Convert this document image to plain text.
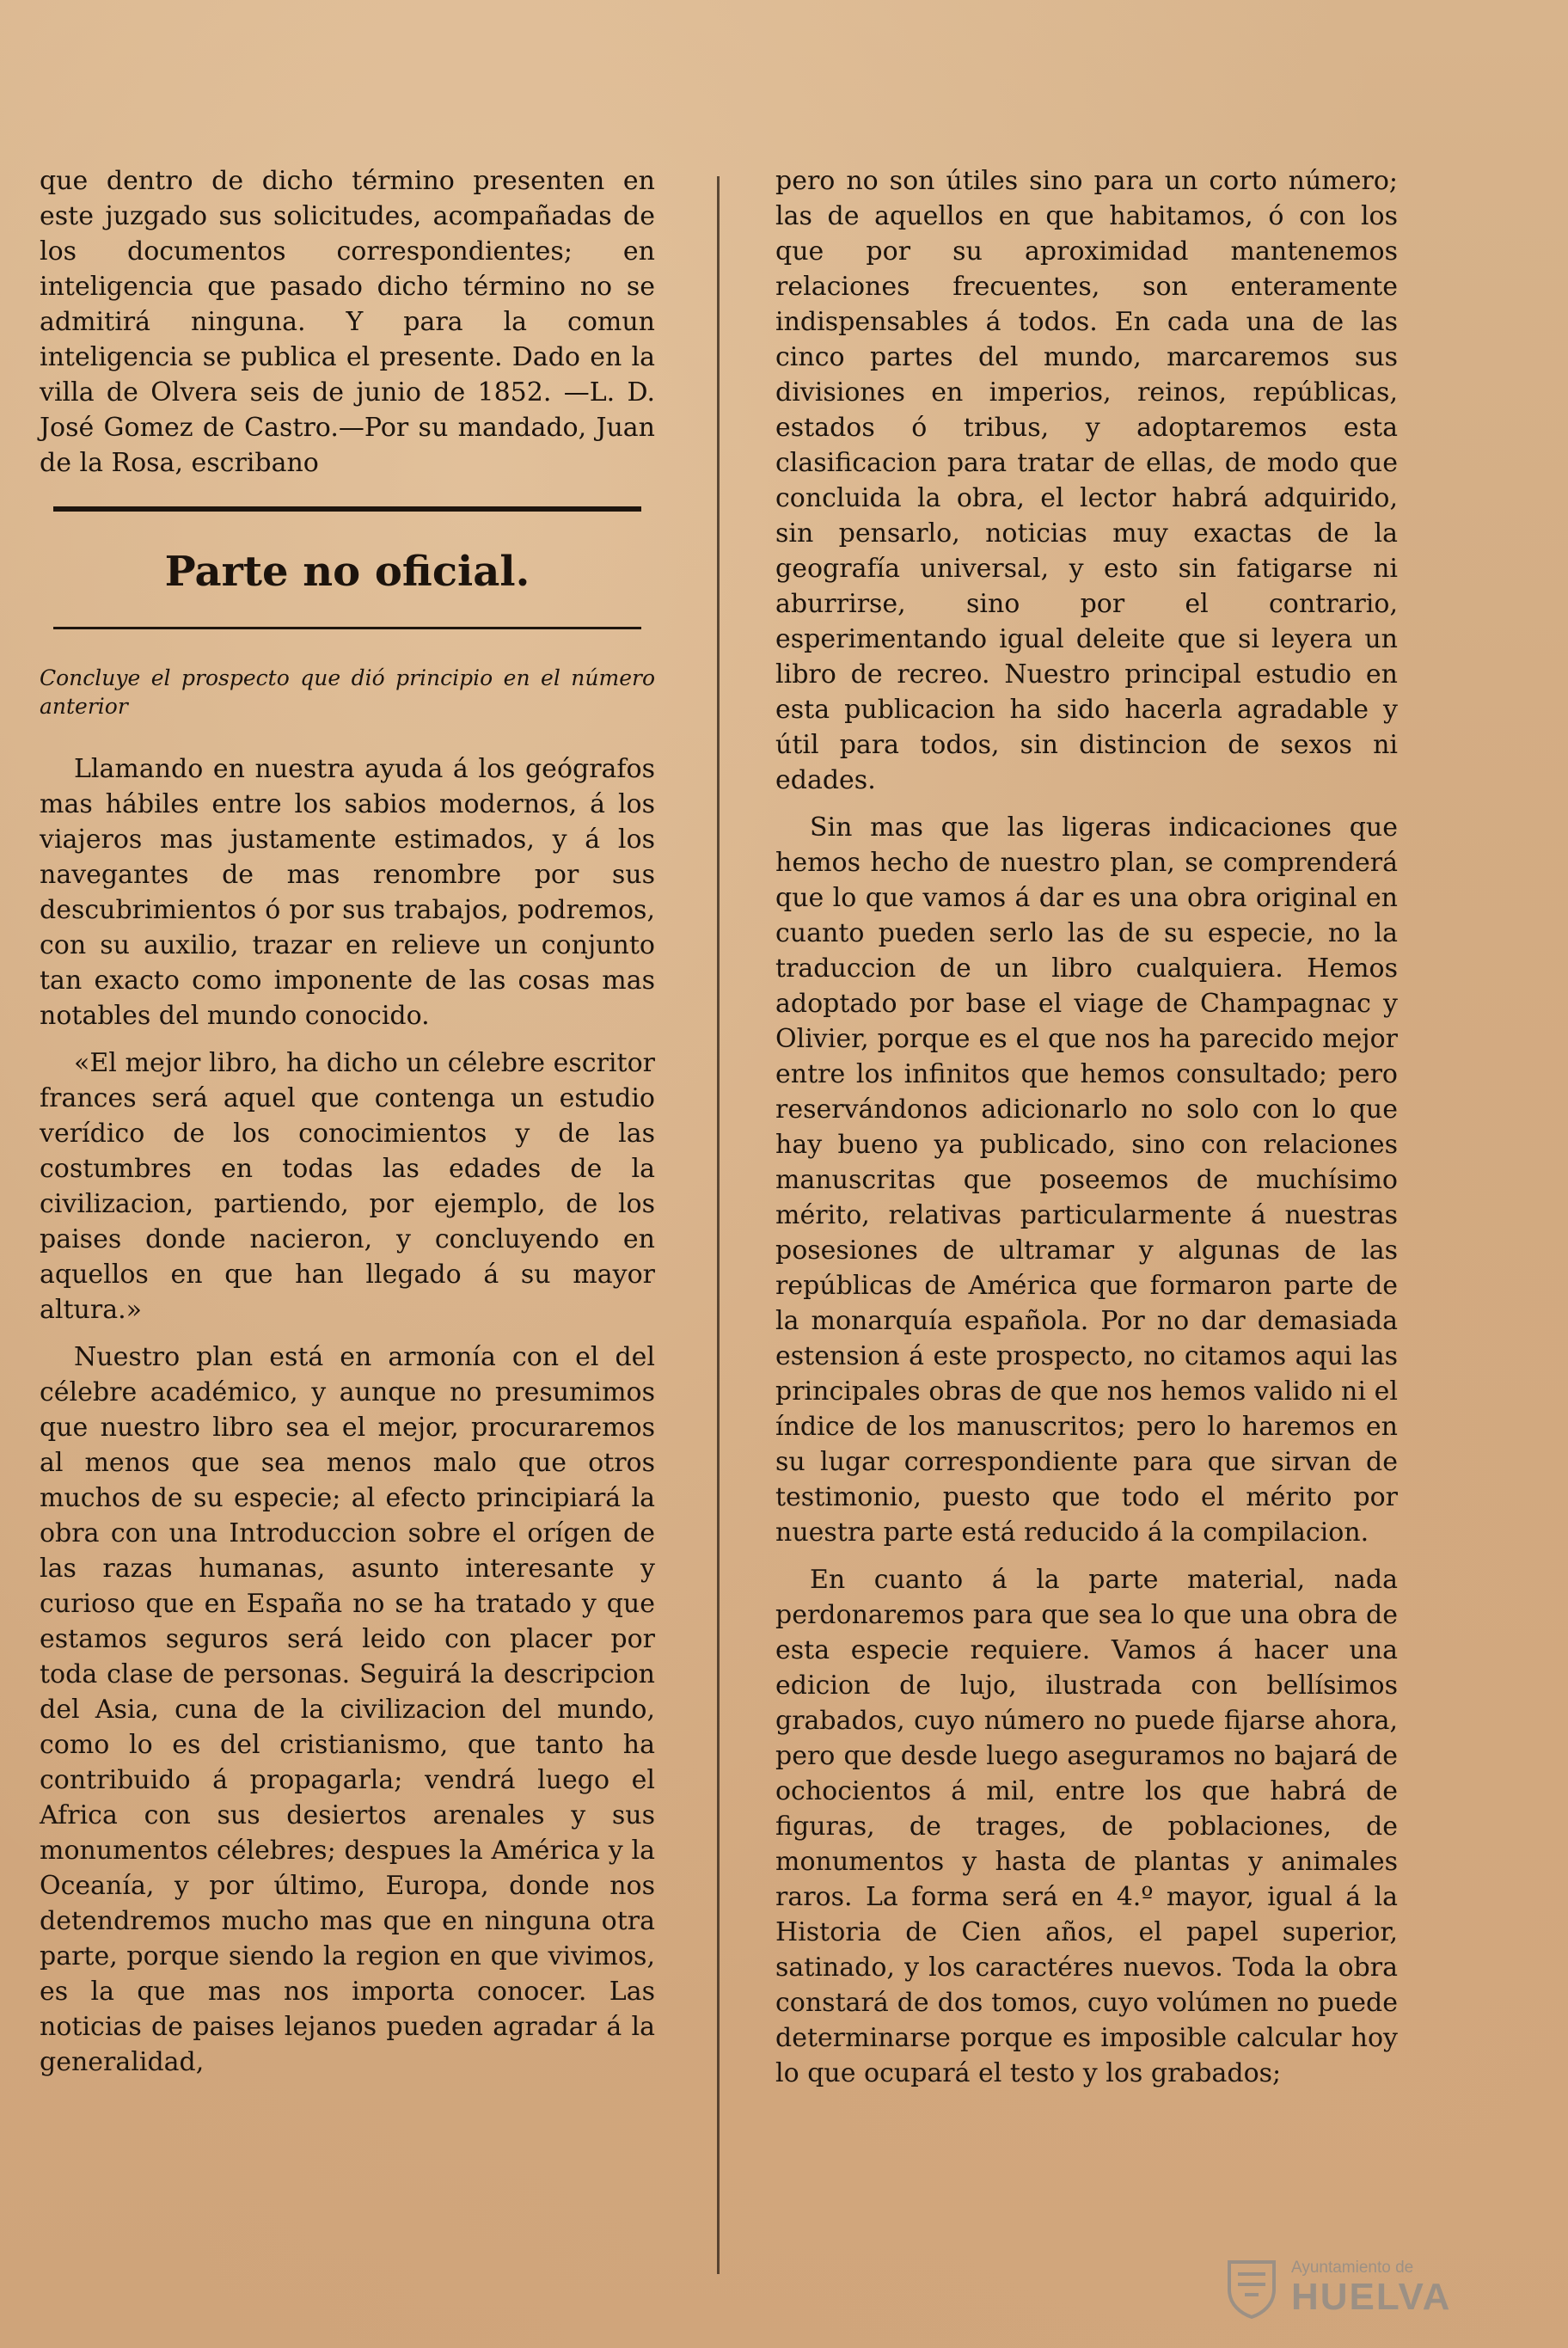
que dentro de dicho término presenten en este juzgado sus solicitudes, acompañadas de los documentos correspondientes; en inteligencia que pasado dicho término no se admitirá ninguna. Y para la comun inteligencia se publica el presente. Dado en la villa de Olvera seis de junio de 1852. —L. D. José Gomez de Castro.—Por su mandado, Juan de la Rosa, escribano

Parte no oficial.

Concluye el prospecto que dió principio en el número anterior

Llamando en nuestra ayuda á los geógrafos mas hábiles entre los sabios modernos, á los viajeros mas justamente estimados, y á los navegantes de mas renombre por sus descubrimientos ó por sus trabajos, podremos, con su auxilio, trazar en relieve un conjunto tan exacto como imponente de las cosas mas notables del mundo conocido.

«El mejor libro, ha dicho un célebre escritor frances será aquel que contenga un estudio verídico de los conocimientos y de las costumbres en todas las edades de la civilizacion, partiendo, por ejemplo, de los paises donde nacieron, y concluyendo en aquellos en que han llegado á su mayor altura.»

Nuestro plan está en armonía con el del célebre académico, y aunque no presumimos que nuestro libro sea el mejor, procuraremos al menos que sea menos malo que otros muchos de su especie; al efecto principiará la obra con una Introduccion sobre el orígen de las razas humanas, asunto interesante y curioso que en España no se ha tratado y que estamos seguros será leido con placer por toda clase de personas. Seguirá la descripcion del Asia, cuna de la civilizacion del mundo, como lo es del cristianismo, que tanto ha contribuido á propagarla; vendrá luego el Africa con sus desiertos arenales y sus monumentos célebres; despues la América y la Oceanía, y por último, Europa, donde nos detendremos mucho mas que en ninguna otra parte, porque siendo la region en que vivimos, es la que mas nos importa conocer. Las noticias de paises lejanos pueden agradar á la generalidad,

pero no son útiles sino para un corto número; las de aquellos en que habitamos, ó con los que por su aproximidad mantenemos relaciones frecuentes, son enteramente indispensables á todos. En cada una de las cinco partes del mundo, marcaremos sus divisiones en imperios, reinos, repúblicas, estados ó tribus, y adoptaremos esta clasificacion para tratar de ellas, de modo que concluida la obra, el lector habrá adquirido, sin pensarlo, noticias muy exactas de la geografía universal, y esto sin fatigarse ni aburrirse, sino por el contrario, esperimentando igual deleite que si leyera un libro de recreo. Nuestro principal estudio en esta publicacion ha sido hacerla agradable y útil para todos, sin distincion de sexos ni edades.

Sin mas que las ligeras indicaciones que hemos hecho de nuestro plan, se comprenderá que lo que vamos á dar es una obra original en cuanto pueden serlo las de su especie, no la traduccion de un libro cualquiera. Hemos adoptado por base el viage de Champagnac y Olivier, porque es el que nos ha parecido mejor entre los infinitos que hemos consultado; pero reservándonos adicionarlo no solo con lo que hay bueno ya publicado, sino con relaciones manuscritas que poseemos de muchísimo mérito, relativas particularmente á nuestras posesiones de ultramar y algunas de las repúblicas de América que formaron parte de la monarquía española. Por no dar demasiada estension á este prospecto, no citamos aqui las principales obras de que nos hemos valido ni el índice de los manuscritos; pero lo haremos en su lugar correspondiente para que sirvan de testimonio, puesto que todo el mérito por nuestra parte está reducido á la compilacion.

En cuanto á la parte material, nada perdonaremos para que sea lo que una obra de esta especie requiere. Vamos á hacer una edicion de lujo, ilustrada con bellísimos grabados, cuyo número no puede fijarse ahora, pero que desde luego aseguramos no bajará de ochocientos á mil, entre los que habrá de figuras, de trages, de poblaciones, de monumentos y hasta de plantas y animales raros. La forma será en 4.º mayor, igual á la Historia de Cien años, el papel superior, satinado, y los caractéres nuevos. Toda la obra constará de dos tomos, cuyo volúmen no puede determinarse porque es imposible calcular hoy lo que ocupará el testo y los grabados;

Ayuntamiento de
HUELVA
